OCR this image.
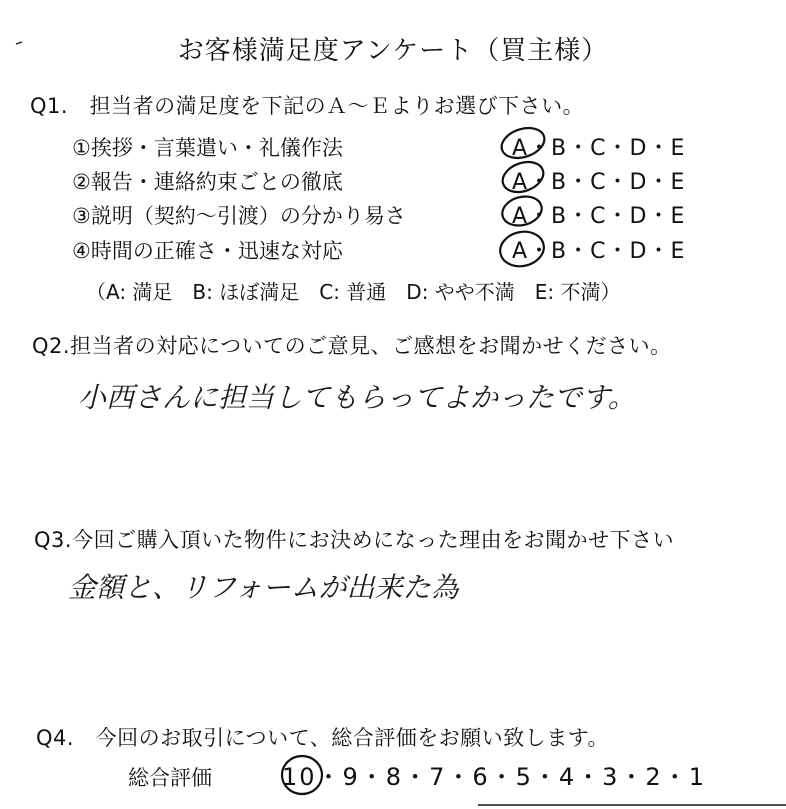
お客様満足度アンケート（買主様）
Q1.　担当者の満足度を下記のＡ～Ｅよりお選び下さい。
①挨拶・言葉遣い・礼儀作法	A・B・C・D・E
②報告・連絡約束ごとの徹底	A・B・C・D・E
③説明（契約～引渡）の分かり易さ	A・B・C・D・E
④時間の正確さ・迅速な対応	A・B・C・D・E
（A: 満足　B: ほぼ満足　C: 普通　D: やや不満　E: 不満）
Q2.担当者の対応についてのご意見、ご感想をお聞かせください。
小西さんに担当してもらってよかったです。
Q3.今回ご購入頂いた物件にお決めになった理由をお聞かせ下さい
金額と、リフォームが出来た為
Q4.　今回のお取引について、総合評価をお願い致します。
総合評価	10・9・8・7・6・5・4・3・2・1
